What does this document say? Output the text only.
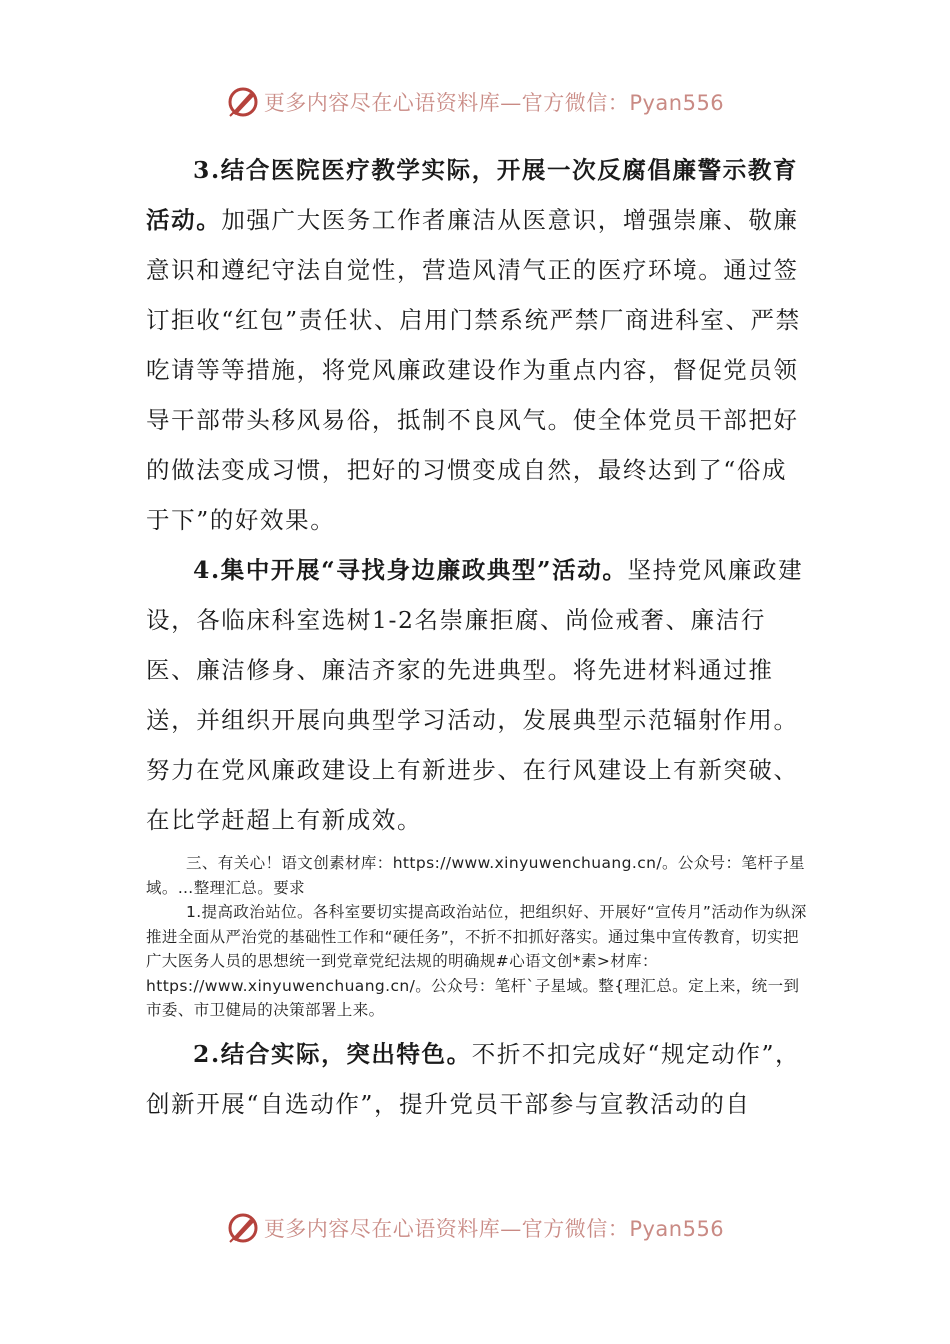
更多内容尽在心语资料库—官方微信：Pyan556

3.结合医院医疗教学实际，开展一次反腐倡廉警示教育活动。加强广大医务工作者廉洁从医意识，增强崇廉、敬廉意识和遵纪守法自觉性，营造风清气正的医疗环境。通过签订拒收“红包”责任状、启用门禁系统严禁厂商进科室、严禁吃请等等措施，将党风廉政建设作为重点内容，督促党员领导干部带头移风易俗，抵制不良风气。使全体党员干部把好的做法变成习惯，把好的习惯变成自然，最终达到了“俗成于下”的好效果。

4.集中开展“寻找身边廉政典型”活动。坚持党风廉政建设，各临床科室选树1-2名崇廉拒腐、尚俭戒奢、廉洁行医、廉洁修身、廉洁齐家的先进典型。将先进材料通过推送，并组织开展向典型学习活动，发展典型示范辐射作用。努力在党风廉政建设上有新进步、在行风建设上有新突破、在比学赶超上有新成效。

三、有关心！语文创素材库：https://www.xinyuwenchuang.cn/。公众号：笔杆子星域。…整理汇总。要求

1.提高政治站位。各科室要切实提高政治站位，把组织好、开展好“宣传月”活动作为纵深推进全面从严治党的基础性工作和“硬任务”，不折不扣抓好落实。通过集中宣传教育，切实把广大医务人员的思想统一到党章党纪法规的明确规#心语文创*素>材库：https://www.xinyuwenchuang.cn/。公众号：笔杆`子星域。整{理汇总。定上来，统一到市委、市卫健局的决策部署上来。

2.结合实际，突出特色。不折不扣完成好“规定动作”，创新开展“自选动作”，提升党员干部参与宣教活动的自

更多内容尽在心语资料库—官方微信：Pyan556
